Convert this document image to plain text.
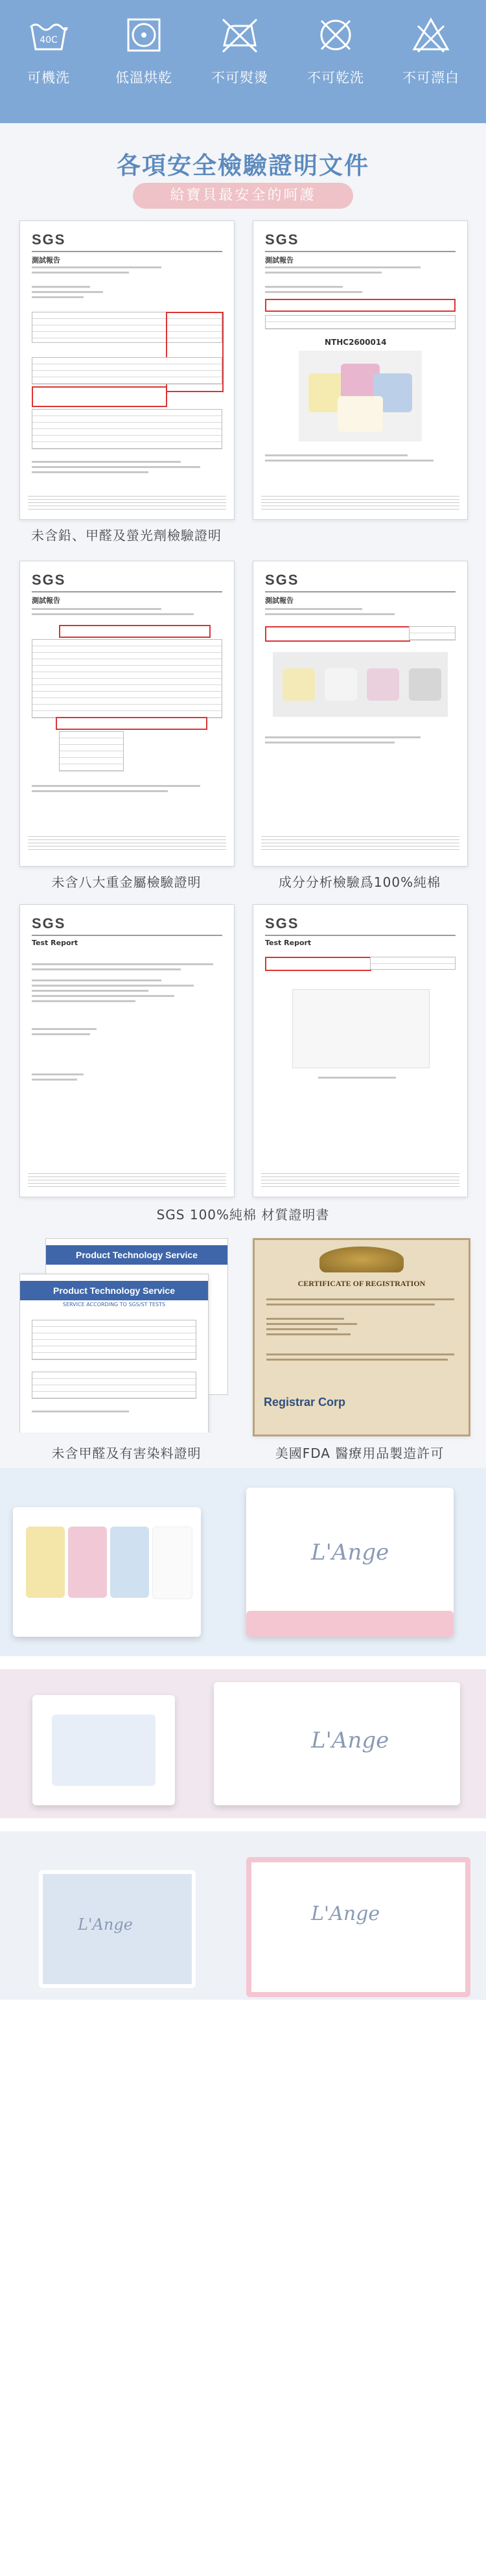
40C
可機洗	低溫烘乾	不可熨燙	不可乾洗	不可漂白
各項安全檢驗證明文件
給寶貝最安全的呵護
SGS
測試報告
未含鉛、甲醛及螢光劑檢驗證明
SGS
測試報告
NTHC2600014
SGS
測試報告
未含八大重金屬檢驗證明
SGS
測試報告
成分分析檢驗爲100%純棉
SGS
Test Report
SGS
Test Report
SGS 100%純棉 材質證明書
Product Technology Service
Product Technology Service
SERVICE ACCORDING TO SGS/ST TESTS
未含甲醛及有害染料證明
CERTIFICATE OF REGISTRATION
Registrar Corp
美國FDA 醫療用品製造許可
L'Ange
L'Ange
L'Ange	L'Ange
